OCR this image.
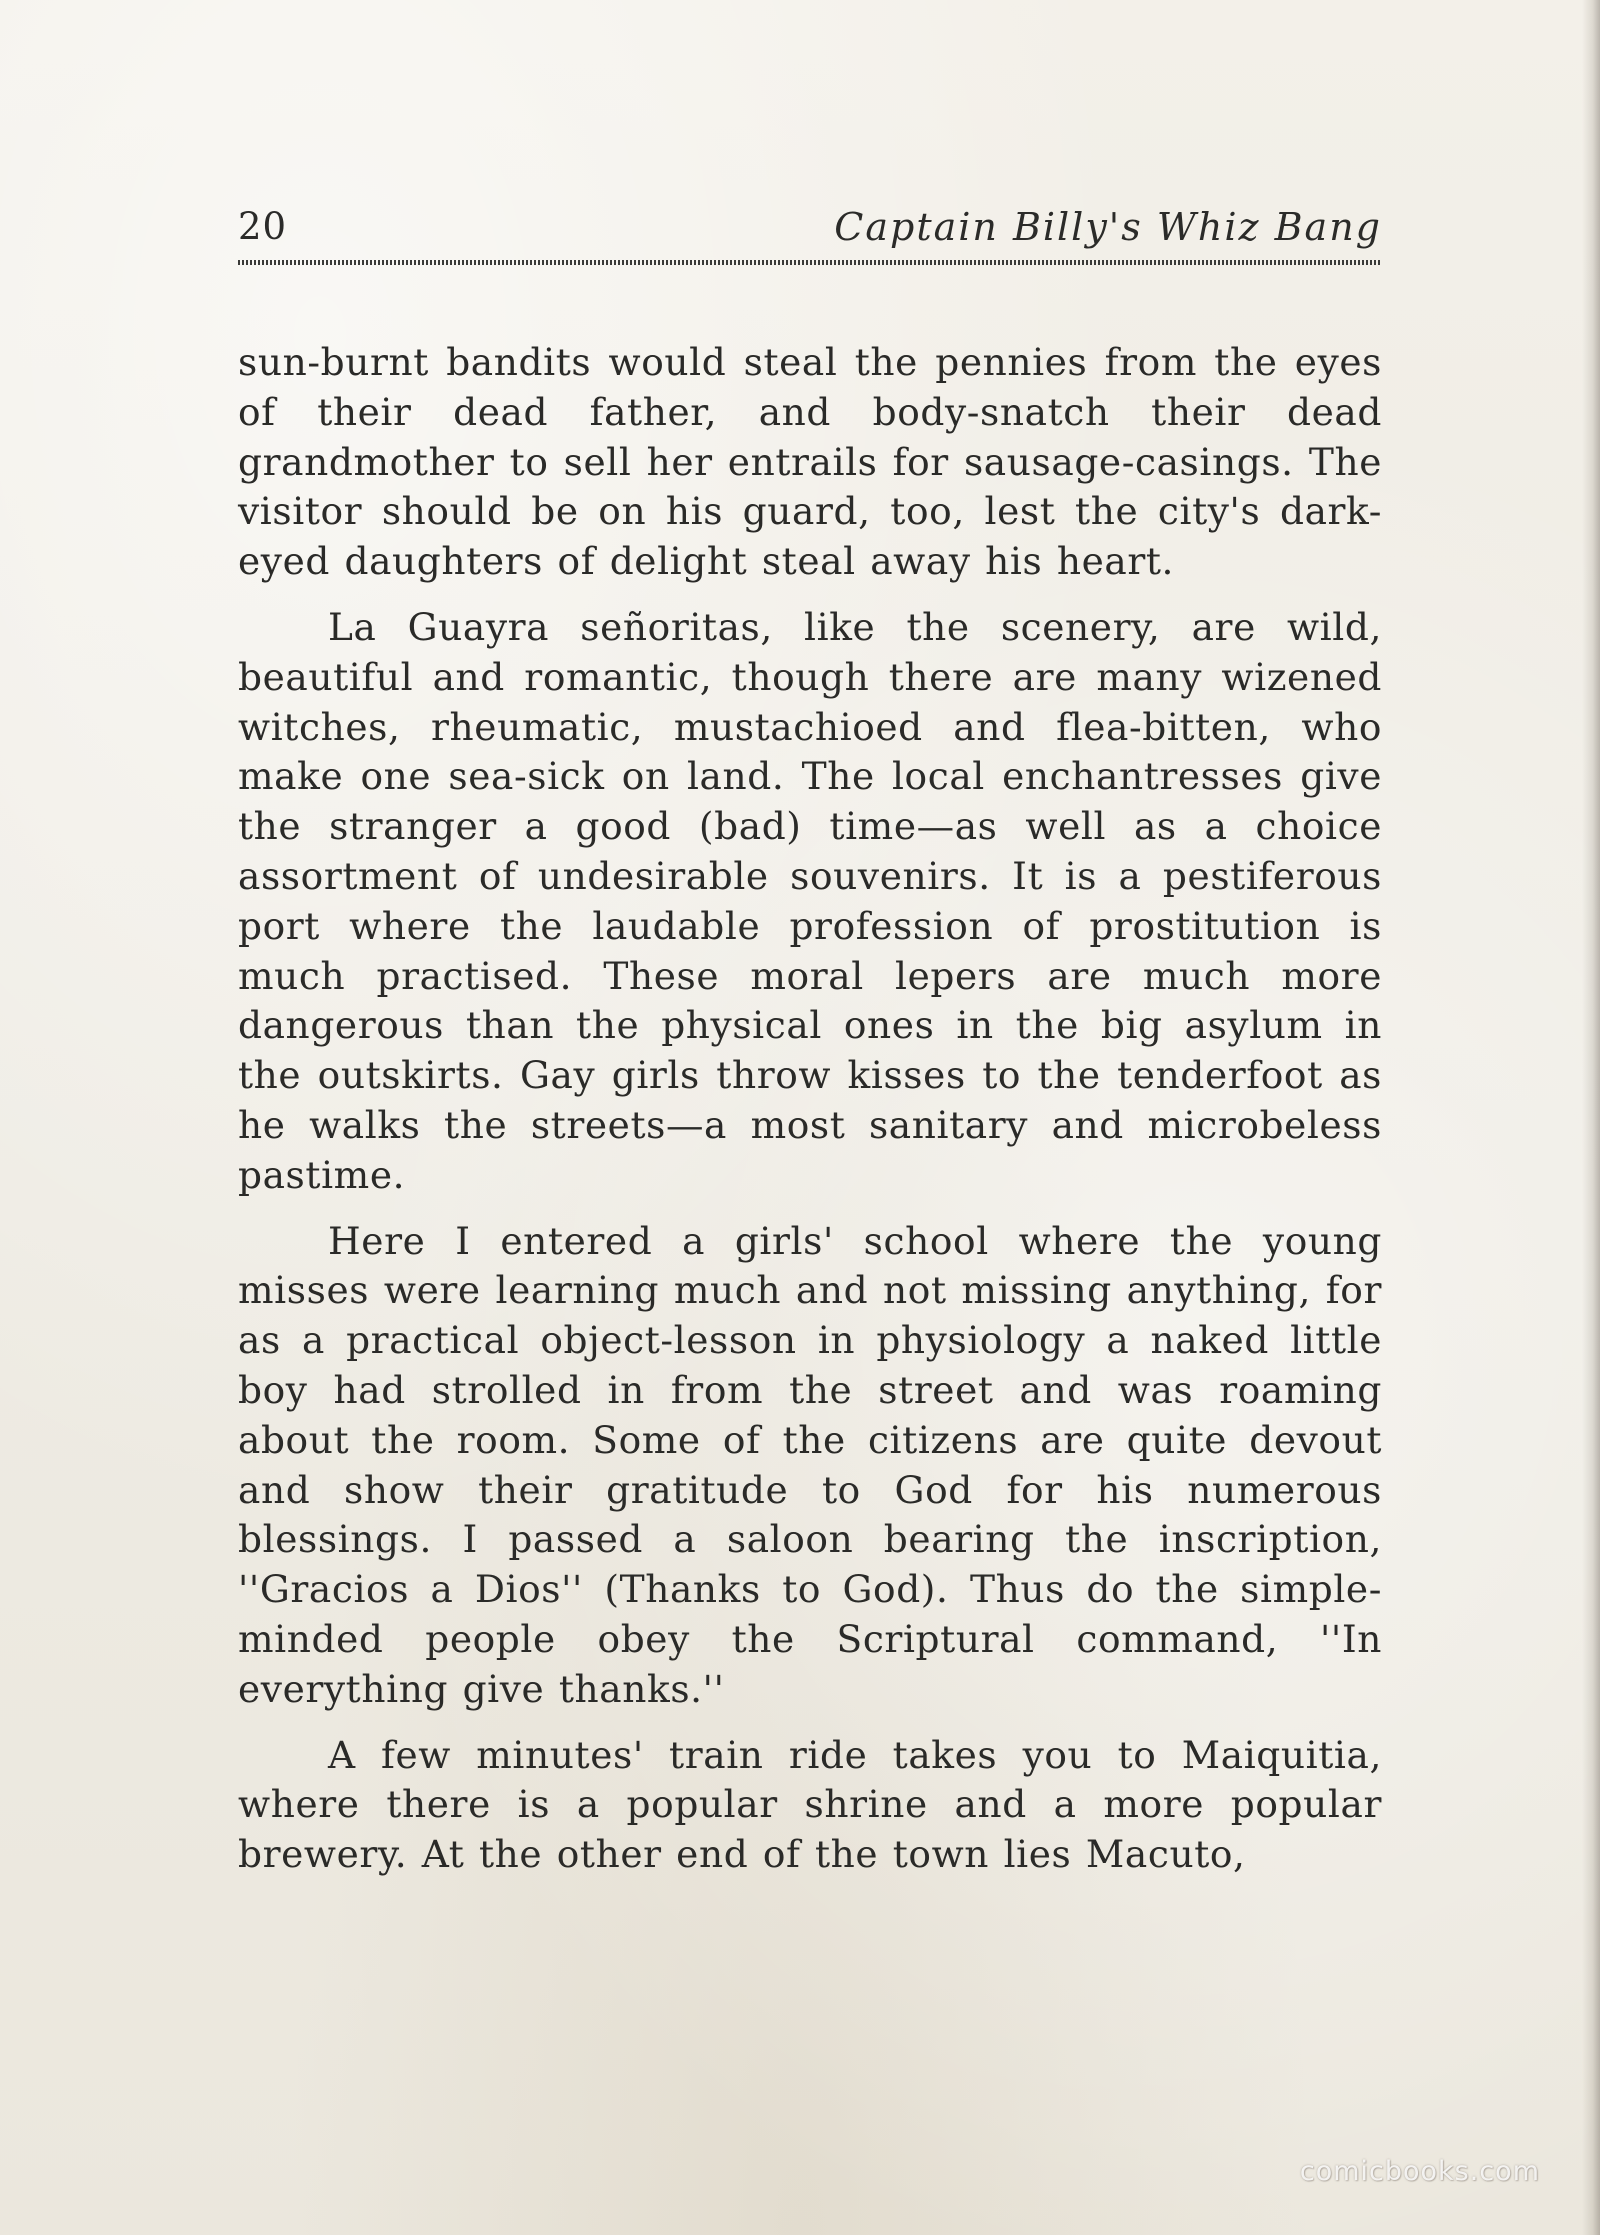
20	Captain Billy's Whiz Bang

sun-burnt bandits would steal the pennies from the eyes of their dead father, and body-snatch their dead grandmother to sell her entrails for sausage-casings. The visitor should be on his guard, too, lest the city's dark-eyed daughters of delight steal away his heart.

La Guayra señoritas, like the scenery, are wild, beautiful and romantic, though there are many wizened witches, rheumatic, mustachioed and flea-bitten, who make one sea-sick on land. The local enchantresses give the stranger a good (bad) time—as well as a choice assortment of undesirable souvenirs. It is a pestiferous port where the laudable profession of prostitution is much practised. These moral lepers are much more dangerous than the physical ones in the big asylum in the outskirts. Gay girls throw kisses to the tenderfoot as he walks the streets—a most sanitary and microbeless pastime.

Here I entered a girls' school where the young misses were learning much and not missing anything, for as a practical object-lesson in physiology a naked little boy had strolled in from the street and was roaming about the room. Some of the citizens are quite devout and show their gratitude to God for his numerous blessings. I passed a saloon bearing the inscription, ''Gracios a Dios'' (Thanks to God). Thus do the simple-minded people obey the Scriptural command, ''In everything give thanks.''

A few minutes' train ride takes you to Maiquitia, where there is a popular shrine and a more popular brewery. At the other end of the town lies Macuto,

comicbooks.com
